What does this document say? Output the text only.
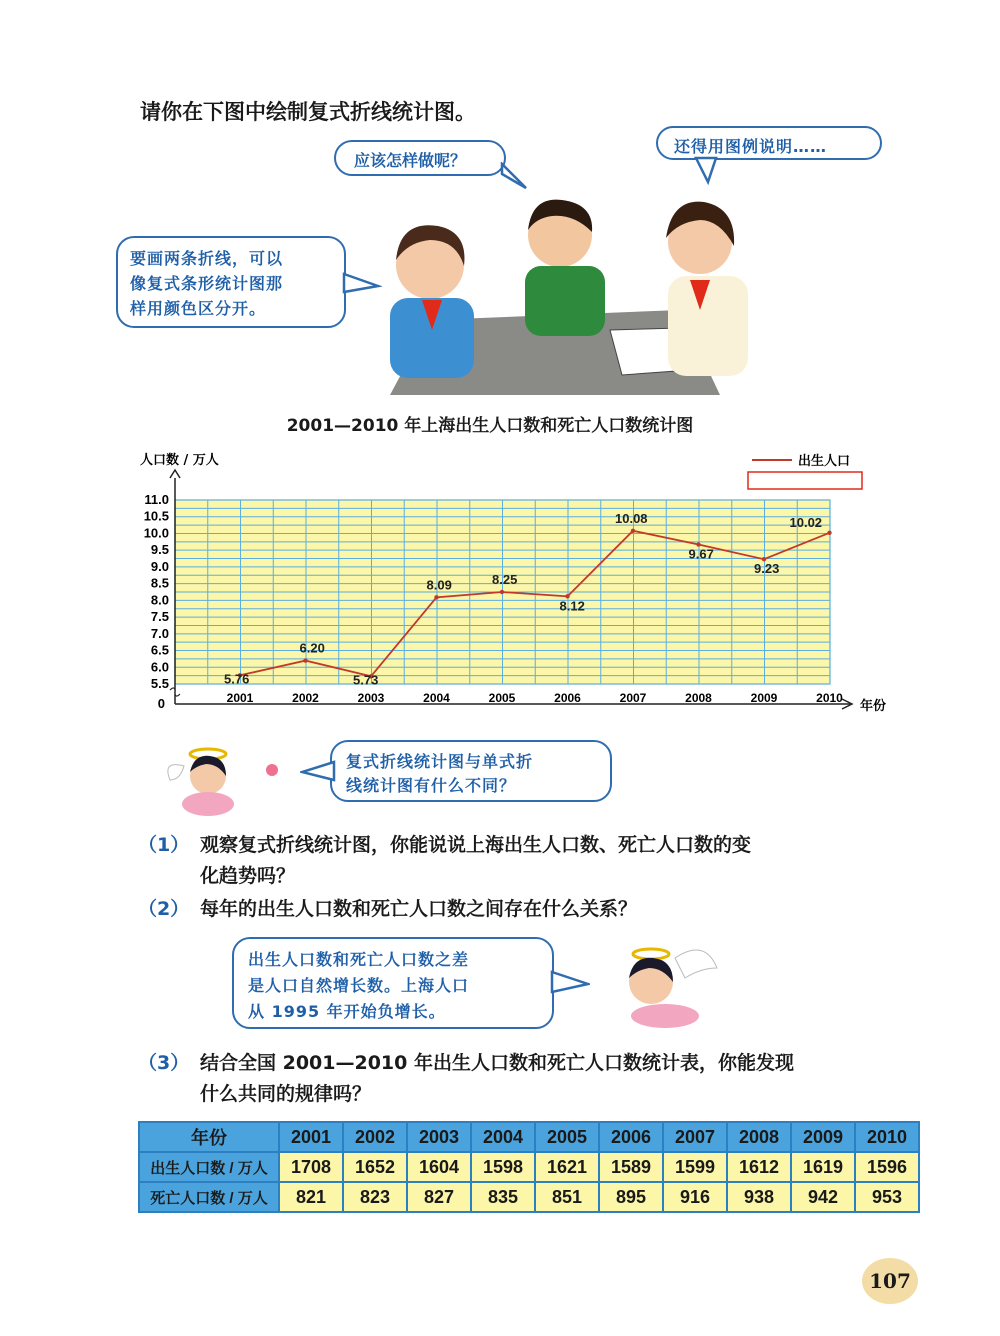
请你在下图中绘制复式折线统计图。
应该怎样做呢？
还得用图例说明……
要画两条折线，可以
像复式条形统计图那
样用颜色区分开。
2001—2010 年上海出生人口数和死亡人口数统计图
0
5.5
6.0
6.5
7.0
7.5
8.0
8.5
9.0
9.5
10.0
10.5
11.0
2001	2002	2003	2004	2005	2006	2007	2008	2009	2010
人口数 / 万人
年份
5.76
6.20
5.73
8.09	8.25
8.12
10.08
9.67
9.23
10.02
出生人口
复式折线统计图与单式折
线统计图有什么不同？
（1） 观察复式折线统计图，你能说说上海出生人口数、死亡人口数的变
化趋势吗？
（2） 每年的出生人口数和死亡人口数之间存在什么关系？
出生人口数和死亡人口数之差
是人口自然增长数。上海人口
从 1995 年开始负增长。
（3） 结合全国 2001—2010 年出生人口数和死亡人口数统计表，你能发现
什么共同的规律吗？
年份	2001	2002	2003	2004	2005	2006	2007	2008	2009	2010
出生人口数 / 万人	1708	1652	1604	1598	1621	1589	1599	1612	1619	1596
死亡人口数 / 万人	821	823	827	835	851	895	916	938	942	953
107
